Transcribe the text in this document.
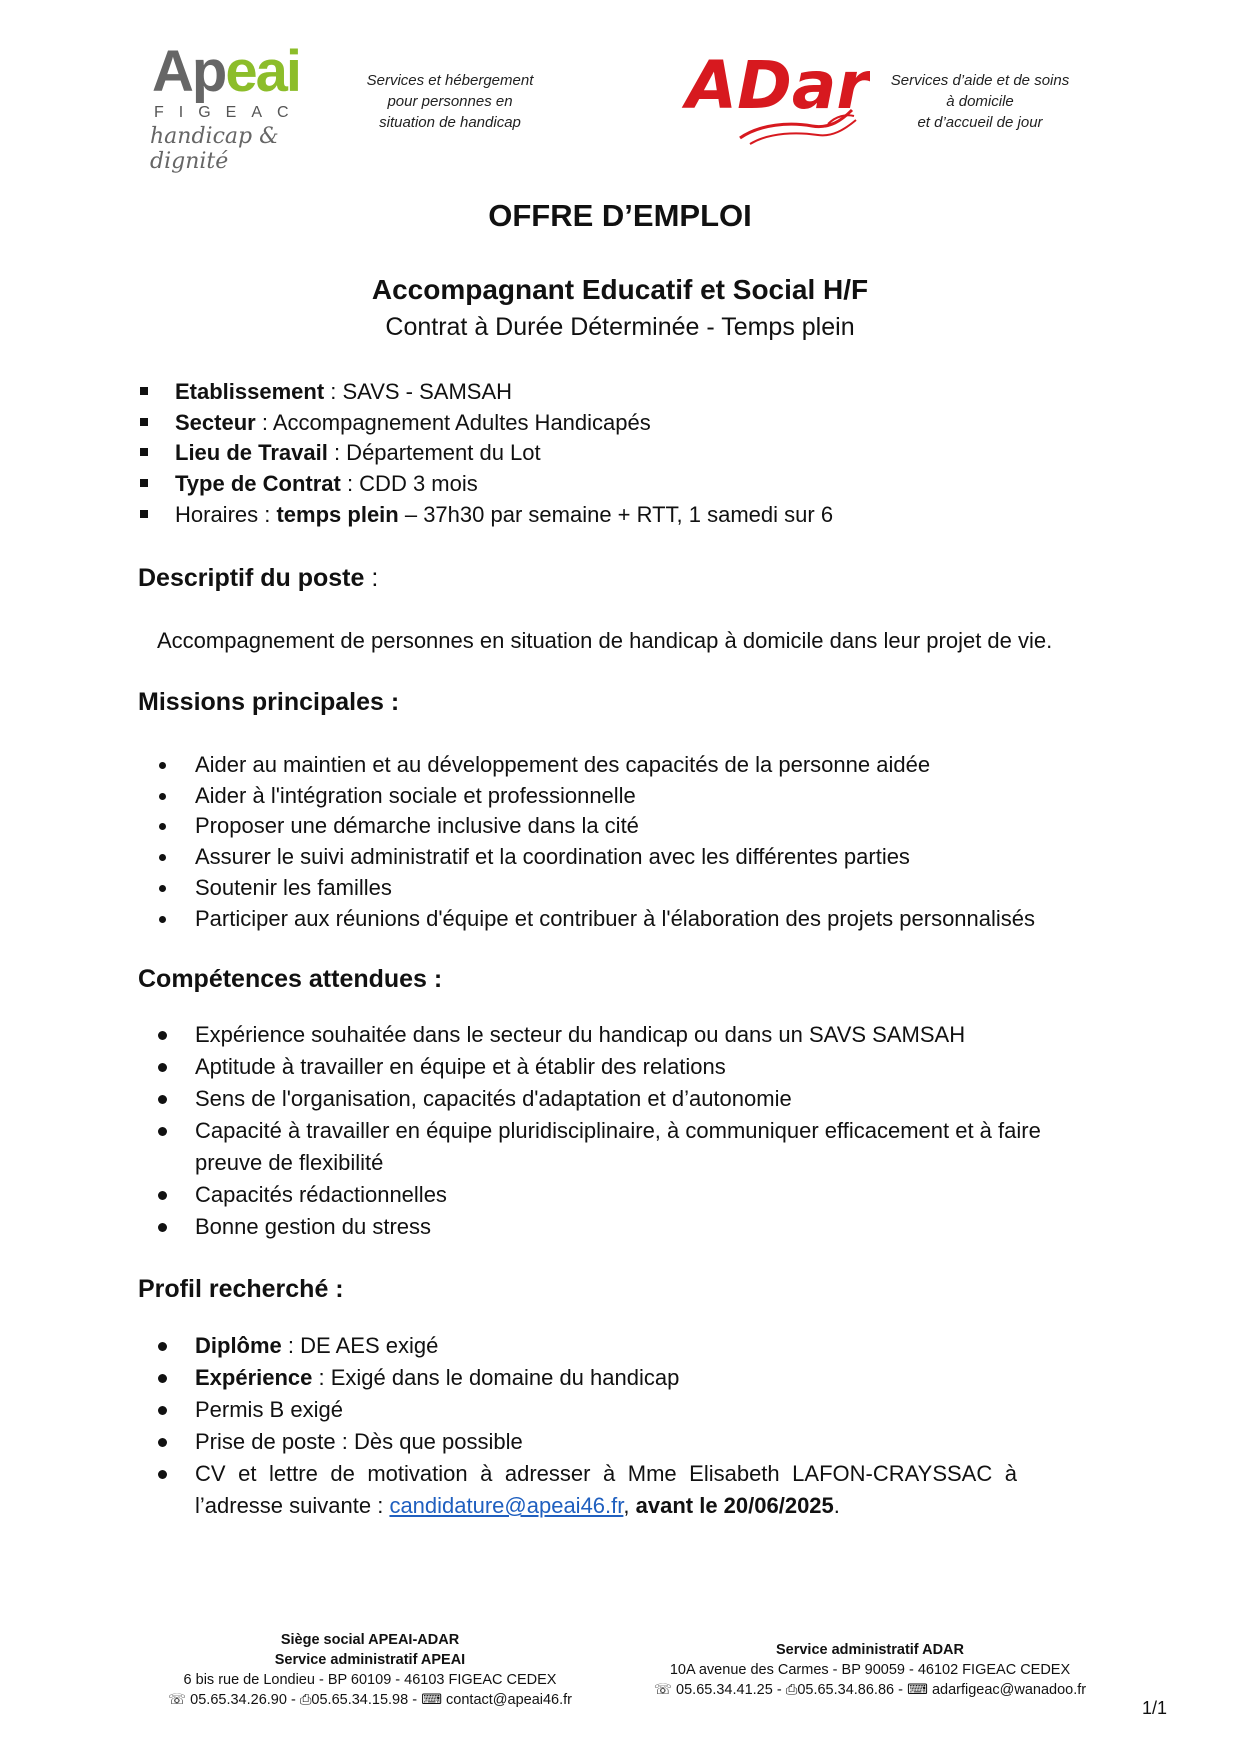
Apeai
FIGEAC
handicap & dignité
Services et hébergement
pour personnes en
situation de handicap	ADar	Services d’aide et de soins
à domicile
et d’accueil de jour
OFFRE D’EMPLOI
Accompagnant Educatif et Social H/F
Contrat à Durée Déterminée - Temps plein
Etablissement : SAVS - SAMSAH
Secteur : Accompagnement Adultes Handicapés
Lieu de Travail : Département du Lot
Type de Contrat : CDD 3 mois
Horaires : temps plein – 37h30 par semaine + RTT, 1 samedi sur 6
Descriptif du poste :
Accompagnement de personnes en situation de handicap à domicile dans leur projet de vie.
Missions principales :
Aider au maintien et au développement des capacités de la personne aidée
Aider à l'intégration sociale et professionnelle
Proposer une démarche inclusive dans la cité
Assurer le suivi administratif et la coordination avec les différentes parties
Soutenir les familles
Participer aux réunions d'équipe et contribuer à l'élaboration des projets personnalisés
Compétences attendues :
Expérience souhaitée dans le secteur du handicap ou dans un SAVS SAMSAH
Aptitude à travailler en équipe et à établir des relations
Sens de l'organisation, capacités d'adaptation et d’autonomie
Capacité à travailler en équipe pluridisciplinaire, à communiquer efficacement et à faire
preuve de flexibilité
Capacités rédactionnelles
Bonne gestion du stress
Profil recherché :
Diplôme : DE AES exigé
Expérience : Exigé dans le domaine du handicap
Permis B exigé
Prise de poste : Dès que possible
CV et lettre de motivation à adresser à Mme Elisabeth LAFON-CRAYSSAC à
l’adresse suivante : candidature@apeai46.fr, avant le 20/06/2025.
Siège social APEAI-ADAR
Service administratif APEAI
6 bis rue de Londieu - BP 60109 - 46103 FIGEAC CEDEX
☏ 05.65.34.26.90 - ⎙05.65.34.15.98 - ⌨ contact@apeai46.fr
Service administratif ADAR
10A avenue des Carmes - BP 90059 - 46102 FIGEAC CEDEX
☏ 05.65.34.41.25 - ⎙05.65.34.86.86 - ⌨ adarfigeac@wanadoo.fr
1/1
